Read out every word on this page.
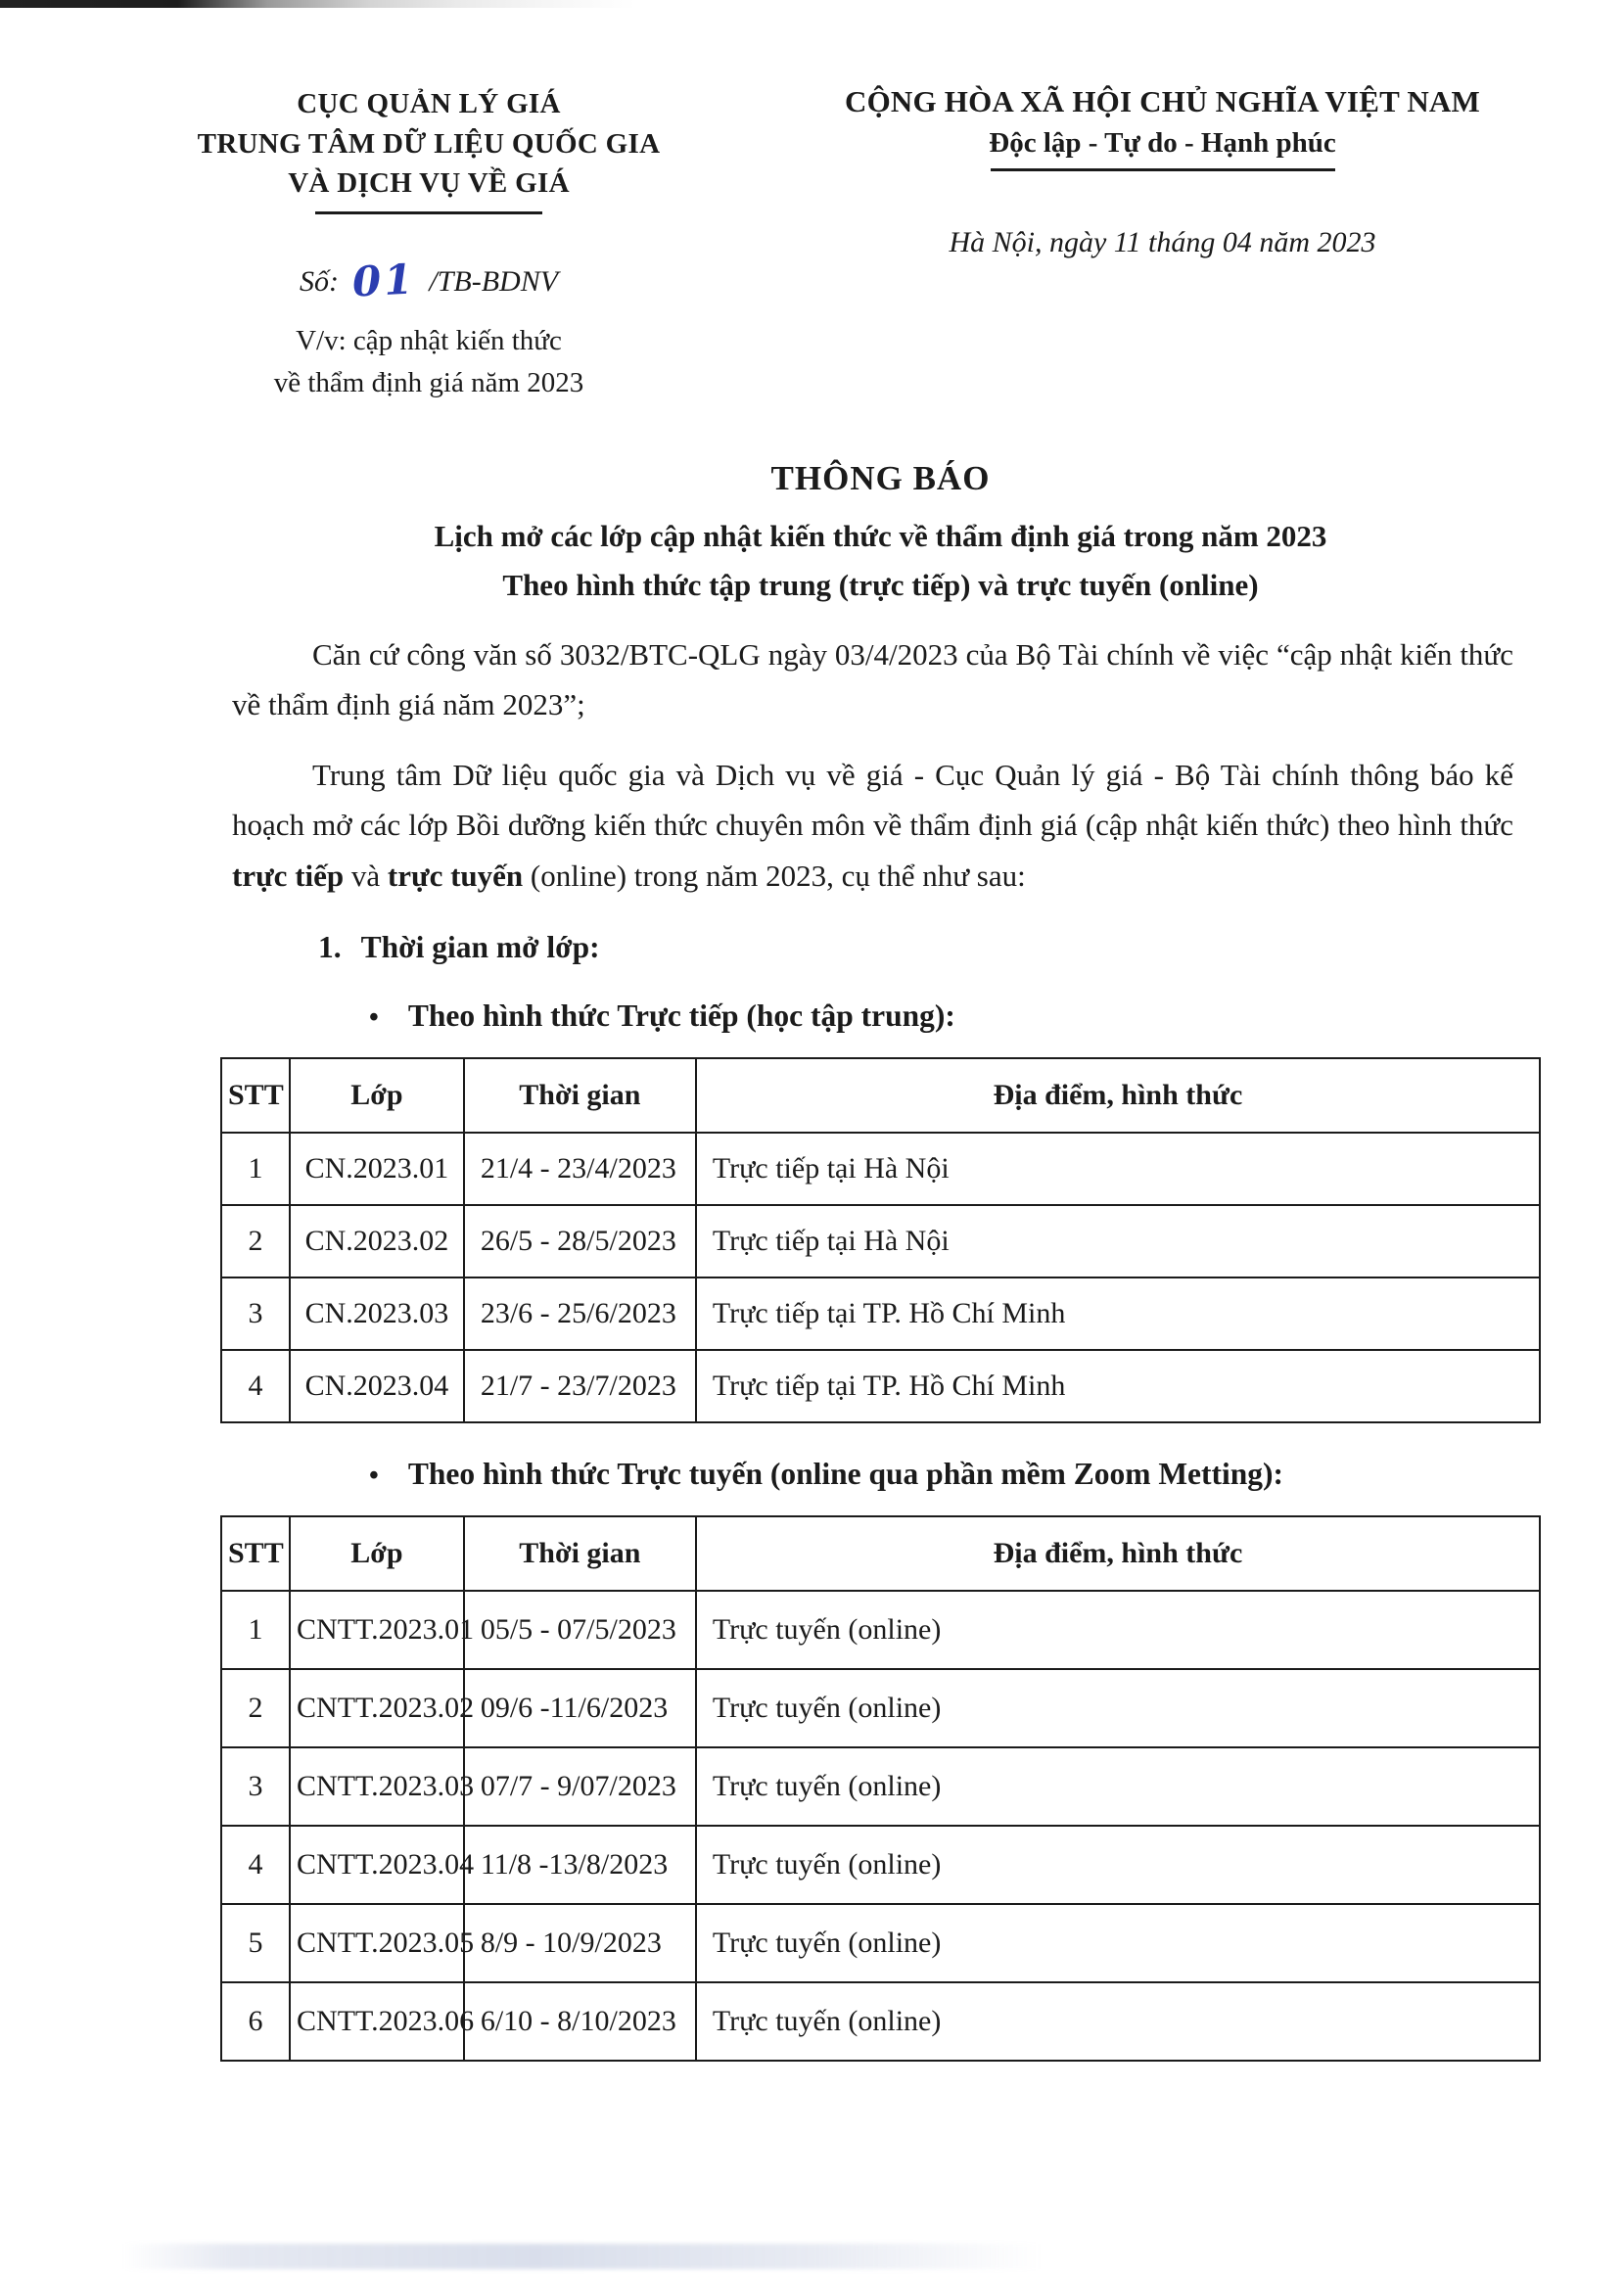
CỤC QUẢN LÝ GIÁ
TRUNG TÂM DỮ LIỆU QUỐC GIA
VÀ DỊCH VỤ VỀ GIÁ
Số: 01 /TB-BDNV
V/v: cập nhật kiến thức
về thẩm định giá năm 2023
CỘNG HÒA XÃ HỘI CHỦ NGHĨA VIỆT NAM
Độc lập - Tự do - Hạnh phúc
Hà Nội, ngày 11 tháng 04 năm 2023
THÔNG BÁO
Lịch mở các lớp cập nhật kiến thức về thẩm định giá trong năm 2023
Theo hình thức tập trung (trực tiếp) và trực tuyến (online)

Căn cứ công văn số 3032/BTC-QLG ngày 03/4/2023 của Bộ Tài chính về việc “cập nhật kiến thức về thẩm định giá năm 2023”;

Trung tâm Dữ liệu quốc gia và Dịch vụ về giá - Cục Quản lý giá - Bộ Tài chính thông báo kế hoạch mở các lớp Bồi dưỡng kiến thức chuyên môn về thẩm định giá (cập nhật kiến thức) theo hình thức trực tiếp và trực tuyến (online) trong năm 2023, cụ thể như sau:

1. Thời gian mở lớp:
• Theo hình thức Trực tiếp (học tập trung):
STT	Lớp	Thời gian	Địa điểm, hình thức
1	CN.2023.01	21/4 - 23/4/2023	Trực tiếp tại Hà Nội
2	CN.2023.02	26/5 - 28/5/2023	Trực tiếp tại Hà Nội
3	CN.2023.03	23/6 - 25/6/2023	Trực tiếp tại TP. Hồ Chí Minh
4	CN.2023.04	21/7 - 23/7/2023	Trực tiếp tại TP. Hồ Chí Minh
• Theo hình thức Trực tuyến (online qua phần mềm Zoom Metting):
STT	Lớp	Thời gian	Địa điểm, hình thức
1	CNTT.2023.01	05/5 - 07/5/2023	Trực tuyến (online)
2	CNTT.2023.02	09/6 -11/6/2023	Trực tuyến (online)
3	CNTT.2023.03	07/7 - 9/07/2023	Trực tuyến (online)
4	CNTT.2023.04	11/8 -13/8/2023	Trực tuyến (online)
5	CNTT.2023.05	8/9 - 10/9/2023	Trực tuyến (online)
6	CNTT.2023.06	6/10 - 8/10/2023	Trực tuyến (online)
